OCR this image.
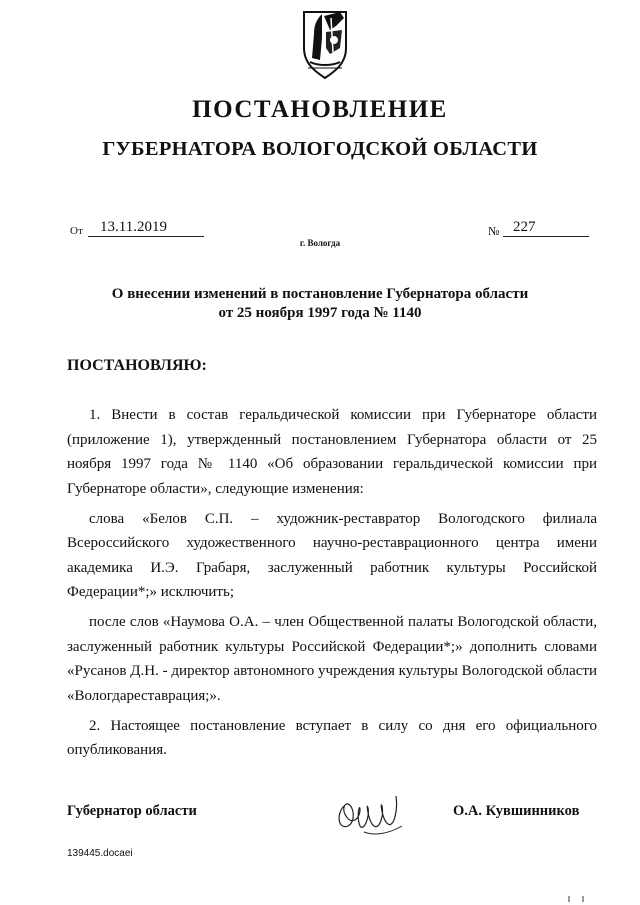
ПОСТАНОВЛЕНИЕ
ГУБЕРНАТОРА ВОЛОГОДСКОЙ ОБЛАСТИ
От	13.11.2019	№ 227
г. Вологда
О внесении изменений в постановление Губернатора области
от 25 ноября 1997 года № 1140
ПОСТАНОВЛЯЮ:

1. Внести в состав геральдической комиссии при Губернаторе области (приложение 1), утвержденный постановлением Губернатора области от 25 ноября 1997 года № 1140 «Об образовании геральдической комиссии при Губернаторе области», следующие изменения:

слова «Белов С.П. – художник-реставратор Вологодского филиала Всероссийского художественного научно-реставрационного центра имени академика И.Э. Грабаря, заслуженный работник культуры Российской Федерации*;» исключить;

после слов «Наумова О.А. – член Общественной палаты Вологодской области, заслуженный работник культуры Российской Федерации*;» дополнить словами «Русанов Д.Н. - директор автономного учреждения культуры Вологодской области «Вологдареставрация;».

2. Настоящее постановление вступает в силу со дня его официального опубликования.

Губернатор области	О.А. Кувшинников
139445.docaei
